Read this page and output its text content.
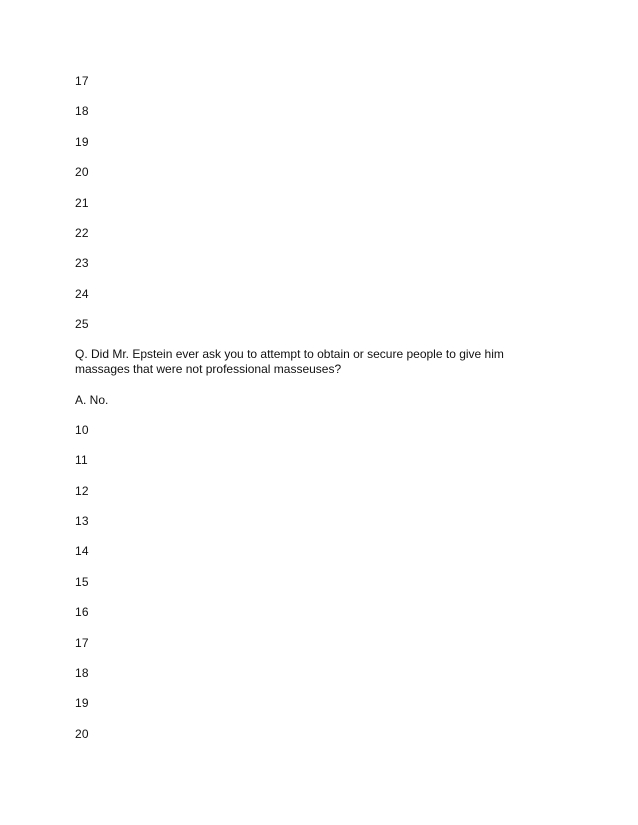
17
18
19
20
21
22
23
24
25
Q. Did Mr. Epstein ever ask you to attempt to obtain or secure people to give him massages that were not professional masseuses?
A. No.
10
11
12
13
14
15
16
17
18
19
20
